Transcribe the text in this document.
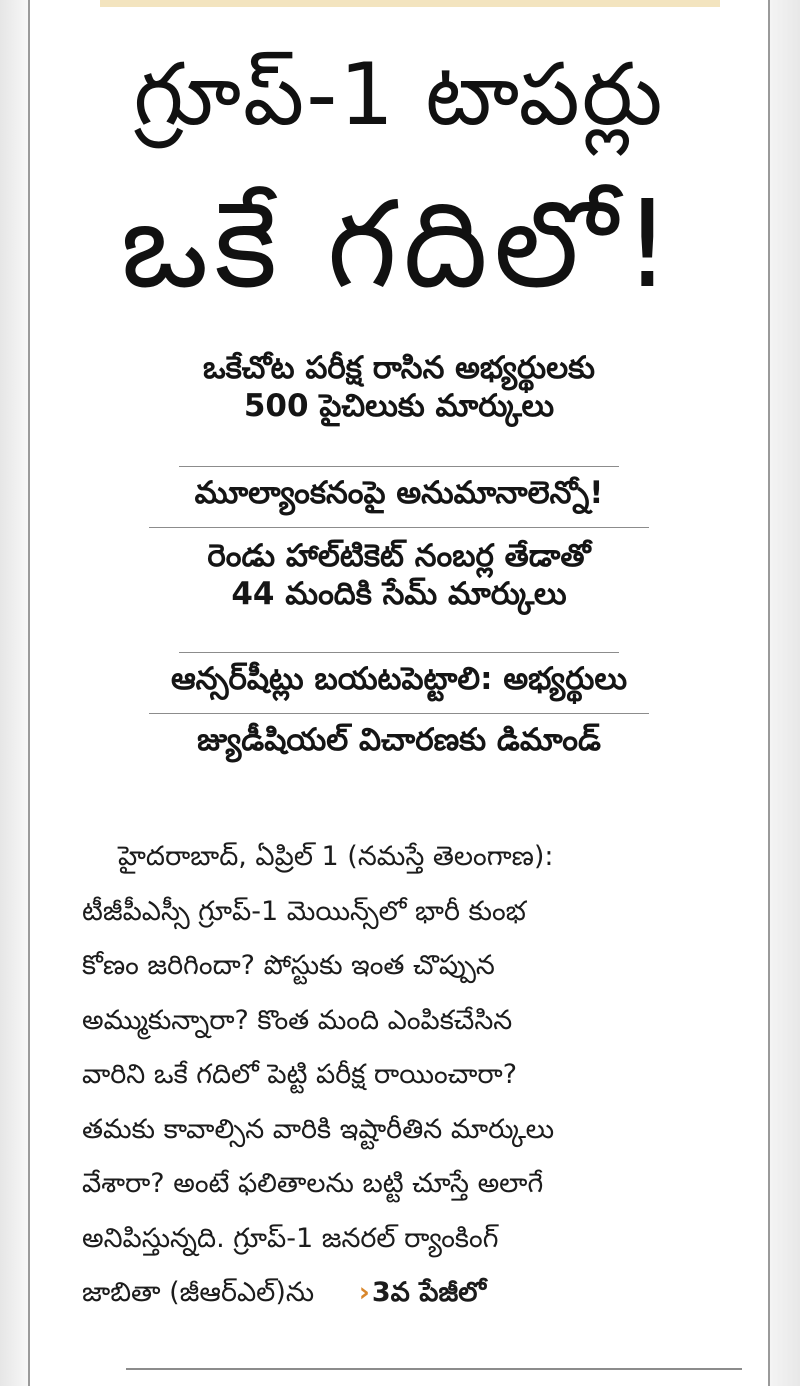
గ్రూప్‌-1 టాపర్లు
ఒకే గదిలో!
ఒకేచోట పరీక్ష రాసిన అభ్యర్థులకు
500 పైచిలుకు మార్కులు
మూల్యాంకనంపై అనుమానాలెన్నో!
రెండు హాల్‌టికెట్‌ నంబర్ల తేడాతో
44 మందికి సేమ్‌ మార్కులు
ఆన్సర్‌షీట్లు బయటపెట్టాలి: అభ్యర్థులు
జ్యుడీషియల్‌ విచారణకు డిమాండ్‌
హైదరాబాద్‌, ఏప్రిల్‌ 1 (నమస్తే తెలంగాణ):
టీజీపీఎస్సీ గ్రూప్‌-1 మెయిన్స్‌లో భారీ కుంభ
కోణం జరిగిందా? పోస్టుకు ఇంత చొప్పున
అమ్ముకున్నారా? కొంత మంది ఎంపికచేసిన
వారిని ఒకే గదిలో పెట్టి పరీక్ష రాయించారా?
తమకు కావాల్సిన వారికి ఇష్టారీతిన మార్కులు
వేశారా? అంటే ఫలితాలను బట్టి చూస్తే అలాగే
అనిపిస్తున్నది. గ్రూప్‌-1 జనరల్‌ ర్యాంకింగ్‌
జాబితా (జీఆర్‌ఎల్‌)ను ›3వ పేజీలో
